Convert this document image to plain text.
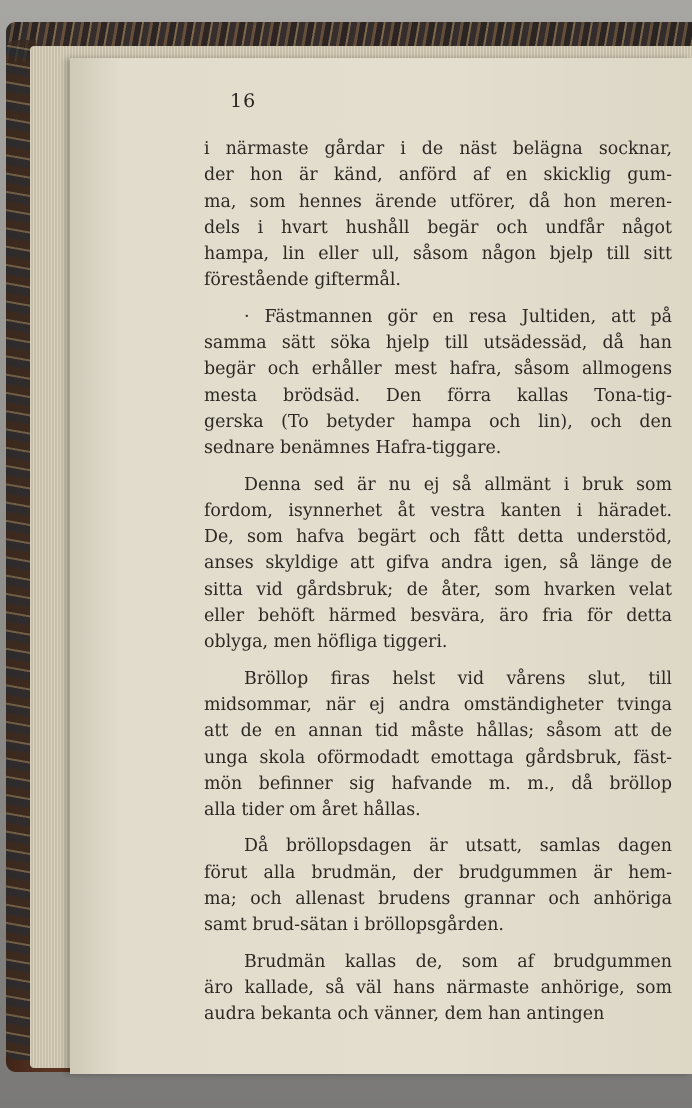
16
i närmaste gårdar i de näst belägna socknar,
der hon är känd, anförd af en skicklig gum-
ma, som hennes ärende utförer, då hon meren-
dels i hvart hushåll begär och undfår något
hampa, lin eller ull, såsom någon bjelp till sitt
förestående giftermål.
· Fästmannen gör en resa Jultiden, att på
samma sätt söka hjelp till utsädessäd, då han
begär och erhåller mest hafra, såsom allmogens
mesta brödsäd. Den förra kallas Tona-tig-
gerska (To betyder hampa och lin), och den
sednare benämnes Hafra-tiggare.
Denna sed är nu ej så allmänt i bruk som
fordom, isynnerhet åt vestra kanten i häradet.
De, som hafva begärt och fått detta understöd,
anses skyldige att gifva andra igen, så länge de
sitta vid gårdsbruk; de åter, som hvarken velat
eller behöft härmed besvära, äro fria för detta
oblyga, men höfliga tiggeri.
Bröllop firas helst vid vårens slut, till
midsommar, när ej andra omständigheter tvinga
att de en annan tid måste hållas; såsom att de
unga skola oförmodadt emottaga gårdsbruk, fäst-
mön befinner sig hafvande m. m., då bröllop
alla tider om året hållas.
Då bröllopsdagen är utsatt, samlas dagen
förut alla brudmän, der brudgummen är hem-
ma; och allenast brudens grannar och anhöriga
samt brud-sätan i bröllopsgården.
Brudmän kallas de, som af brudgummen
äro kallade, så väl hans närmaste anhörige, som
audra bekanta och vänner, dem han antingen
